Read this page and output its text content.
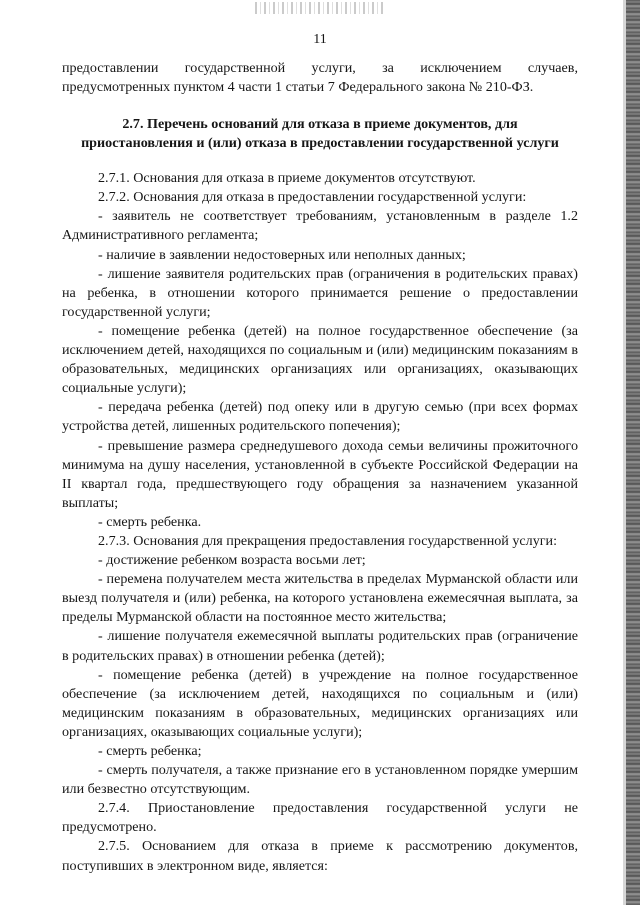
11

предоставлении государственной услуги, за исключением случаев,

предусмотренных пунктом 4 части 1 статьи 7 Федерального закона № 210-ФЗ.

2.7. Перечень оснований для отказа в приеме документов, для
приостановления и (или) отказа в предоставлении государственной услуги

2.7.1. Основания для отказа в приеме документов отсутствуют.

2.7.2. Основания для отказа в предоставлении государственной услуги:

- заявитель не соответствует требованиям, установленным в разделе 1.2 Административного регламента;

- наличие в заявлении недостоверных или неполных данных;

- лишение заявителя родительских прав (ограничения в родительских правах) на ребенка, в отношении которого принимается решение о предоставлении государственной услуги;

- помещение ребенка (детей) на полное государственное обеспечение (за исключением детей, находящихся по социальным и (или) медицинским показаниям в образовательных, медицинских организациях или организациях, оказывающих социальные услуги);

- передача ребенка (детей) под опеку или в другую семью (при всех формах устройства детей, лишенных родительского попечения);

- превышение размера среднедушевого дохода семьи величины прожиточного минимума на душу населения, установленной в субъекте Российской Федерации на II квартал года, предшествующего году обращения за назначением указанной выплаты;

- смерть ребенка.

2.7.3. Основания для прекращения предоставления государственной услуги:

- достижение ребенком возраста восьми лет;

- перемена получателем места жительства в пределах Мурманской области или выезд получателя и (или) ребенка, на которого установлена ежемесячная выплата, за пределы Мурманской области на постоянное место жительства;

- лишение получателя ежемесячной выплаты родительских прав (ограничение в родительских правах) в отношении ребенка (детей);

- помещение ребенка (детей) в учреждение на полное государственное обеспечение (за исключением детей, находящихся по социальным и (или) медицинским показаниям в образовательных, медицинских организациях или организациях, оказывающих социальные услуги);

- смерть ребенка;

- смерть получателя, а также признание его в установленном порядке умершим или безвестно отсутствующим.

2.7.4. Приостановление предоставления государственной услуги не предусмотрено.

2.7.5. Основанием для отказа в приеме к рассмотрению документов, поступивших в электронном виде, является:
